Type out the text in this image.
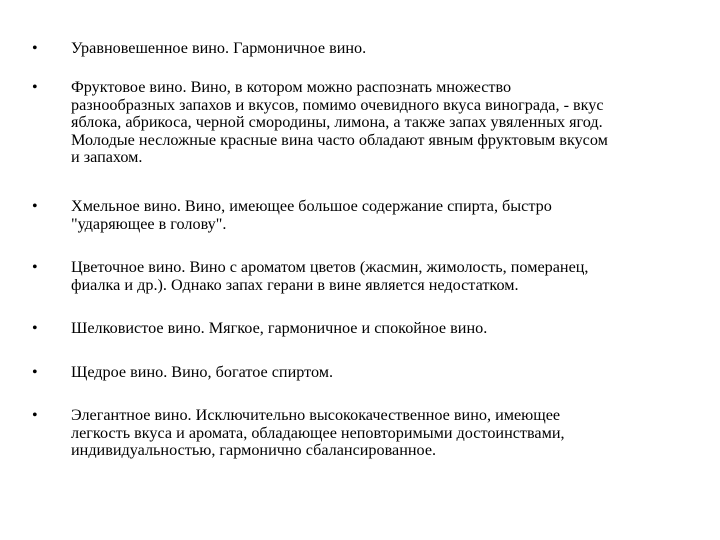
• Уравновешенное вино. Гармоничное вино.
• Фруктовое вино. Вино, в котором можно распознать множество
разнообразных запахов и вкусов, помимо очевидного вкуса винограда, - вкус
яблока, абрикоса, черной смородины, лимона, а также запах увяленных ягод.
Молодые несложные красные вина часто обладают явным фруктовым вкусом
и запахом.
• Хмельное вино. Вино, имеющее большое содержание спирта, быстро
"ударяющее в голову".
• Цветочное вино. Вино с ароматом цветов (жасмин, жимолость, померанец,
фиалка и др.). Однако запах герани в вине является недостатком.
• Шелковистое вино. Мягкое, гармоничное и спокойное вино.
• Щедрое вино. Вино, богатое спиртом.
• Элегантное вино. Исключительно высококачественное вино, имеющее
легкость вкуса и аромата, обладающее неповторимыми достоинствами,
индивидуальностью, гармонично сбалансированное.
